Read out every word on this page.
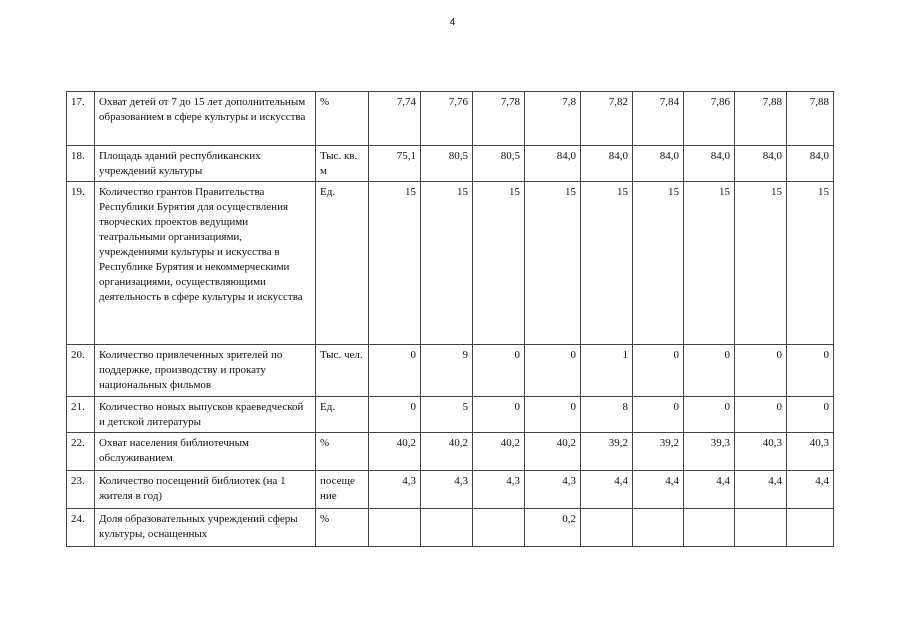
4
17.	Охват детей от 7 до 15 лет дополнительным образованием в сфере культуры и искусства	%	7,74	7,76	7,78	7,8	7,82	7,84	7,86	7,88	7,88
18.	Площадь зданий республиканских учреждений культуры	Тыс. кв. м	75,1	80,5	80,5	84,0	84,0	84,0	84,0	84,0	84,0
19.	Количество грантов Правительства Республики Бурятия для осуществления творческих проектов ведущими театральными организациями, учреждениями культуры и искусства в Республике Бурятия и некоммерческими организациями, осуществляющими деятельность в сфере культуры и искусства	Ед.	15	15	15	15	15	15	15	15	15
20.	Количество привлеченных зрителей по поддержке, производству и прокату национальных фильмов	Тыс. чел.	0	9	0	0	1	0	0	0	0
21.	Количество новых выпусков краеведческой и детской литературы	Ед.	0	5	0	0	8	0	0	0	0
22.	Охват населения библиотечным обслуживанием	%	40,2	40,2	40,2	40,2	39,2	39,2	39,3	40,3	40,3
23.	Количество посещений библиотек (на 1 жителя в год)	посеще ние	4,3	4,3	4,3	4,3	4,4	4,4	4,4	4,4	4,4
24.	Доля образовательных учреждений сферы культуры, оснащенных	%				0,2					
